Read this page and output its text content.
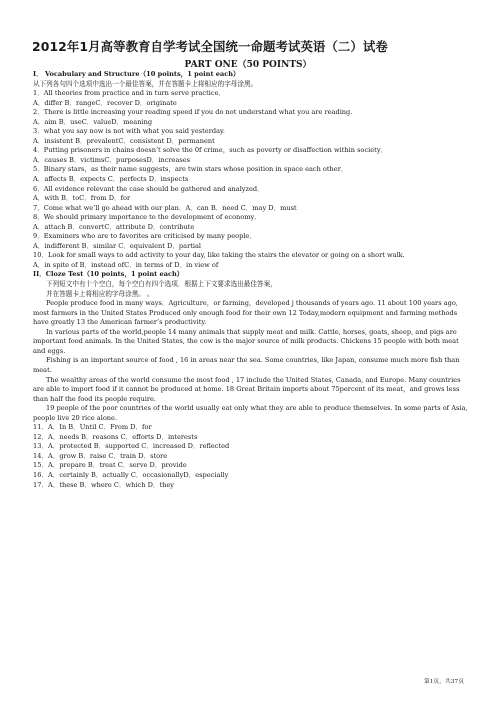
2012年1月高等教育自学考试全国统一命题考试英语（二）试卷
PART ONE（50 POINTS）
I． Vocabulary and Structure（10 points，1 point each）
从下列各句四个选项中选出一个最佳答案，并在答题卡上将相应的字母涂黑。
1．All theories from practice and in turn serve practice．
A．differ B．rangeC．recover D．originate
2．There is little increasing your reading speed if you do not understand what you are reading.
A．aim B．useC．valueD．meaning
3．what you say now is not with what you said yesterday.
A．insistent B．prevalentC．consistent D．permanent
4．Putting prisoners in chains doesn’t solve the 0f crime，such as poverty or disaffection within society．
A．causes B．victimsC．purposesD．increases
5．Binary stars，as their name suggests，are twin stars whose position in space each other．
A．affects B．expects C．perfects D．inspects
6．All evidence relevant the case should be gathered and analyzed．
A．with B．toC．from D．for
7．Come what we’ll go ahead with our plan．A．can B．need C．may D．must
8．We should primary importance to the development of economy．
A．attach B．convertC．attribute D．contribute
9．Examiners who are to favorites are criticised by many people．
A．indifferent B．similar C．equivalent D．partial
10．Look for small ways to add activity to your day, like taking the stairs the elevator or going on a short walk.
A．in spite of B．instead ofC．in terms of D．in view of
II．Cloze Test（10 points，1 point each）
下列短文中有十个空白，每个空白有四个选项．根据上下文要求选出最佳答案，
并在答题卡上将相应的字母涂黑。 。
People produce food in many ways．Agriculture，or farming，developed j thousands of years ago. 11 about 100 years ago, most farmers in the United States Produced only enough food for their own 12 Today,modern equipment and farming methods have greatly 13 the American farmer’s productivity.
In various parts of the world,people 14 many animals that supply meat and milk. Cattle, horses, goats, sheep, and pigs are important food animals. In the United States, the cow is the major source of milk products. Chickens 15 people with both meat and eggs.
Fishing is an important source of food , 16 in areas near the sea. Some countries, like Japan, consume much more fish than meat.
The wealthy areas of the world consume the most food , 17 include the United States, Canada, and Europe. Many countries are able to import food if it cannot be produced at home. 18 Great Britain imports about 75percent of its meat，and grows less than half the food its people require.
19 people of the poor countries of the world usually eat only what they are able to produce themselves. In some parts of Asia, people live 20 rice alone.
11．A．In B．Until C．From D．for
12．A．needs B．reasons C．efforts D．interests
13．A．protected B．supported C．increased D．reflected
14．A．grow B．raise C．train D．store
15．A．prepare B．treat C．serve D．provide
16．A．certainly B．actually C．occasionallyD．especially
17．A．these B．where C．which D．they
第1页，共37页
